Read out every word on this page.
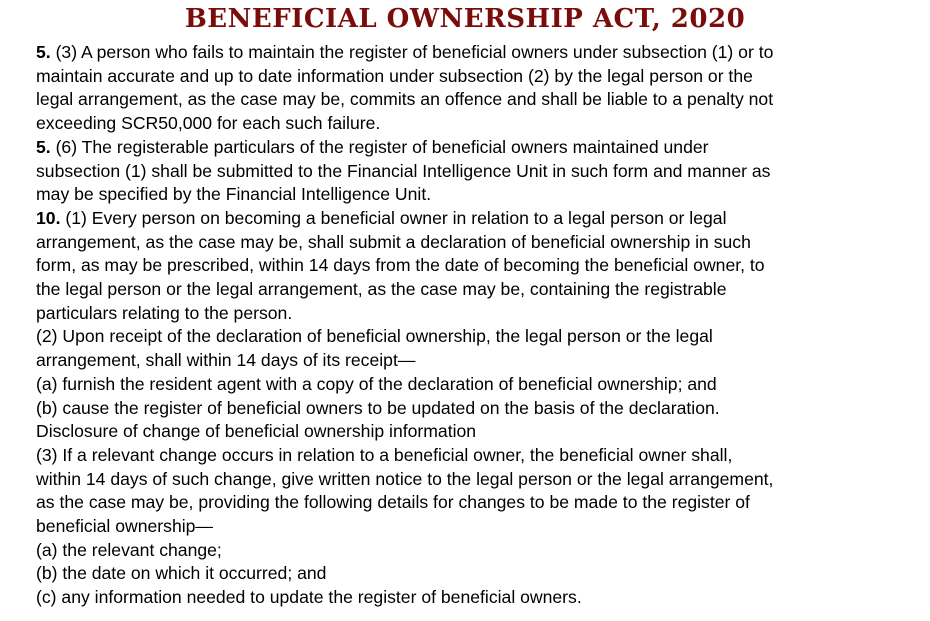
BENEFICIAL OWNERSHIP ACT, 2020
5. (3) A person who fails to maintain the register of beneficial owners under subsection (1) or to
maintain accurate and up to date information under subsection (2) by the legal person or the
legal arrangement, as the case may be, commits an offence and shall be liable to a penalty not
exceeding SCR50,000 for each such failure.
5. (6) The registerable particulars of the register of beneficial owners maintained under
subsection (1) shall be submitted to the Financial Intelligence Unit in such form and manner as
may be specified by the Financial Intelligence Unit.
10. (1) Every person on becoming a beneficial owner in relation to a legal person or legal
arrangement, as the case may be, shall submit a declaration of beneficial ownership in such
form, as may be prescribed, within 14 days from the date of becoming the beneficial owner, to
the legal person or the legal arrangement, as the case may be, containing the registrable
particulars relating to the person.
(2) Upon receipt of the declaration of beneficial ownership, the legal person or the legal
arrangement, shall within 14 days of its receipt—
(a) furnish the resident agent with a copy of the declaration of beneficial ownership; and
(b) cause the register of beneficial owners to be updated on the basis of the declaration.
Disclosure of change of beneficial ownership information
(3) If a relevant change occurs in relation to a beneficial owner, the beneficial owner shall,
within 14 days of such change, give written notice to the legal person or the legal arrangement,
as the case may be, providing the following details for changes to be made to the register of
beneficial ownership—
(a) the relevant change;
(b) the date on which it occurred; and
(c) any information needed to update the register of beneficial owners.
